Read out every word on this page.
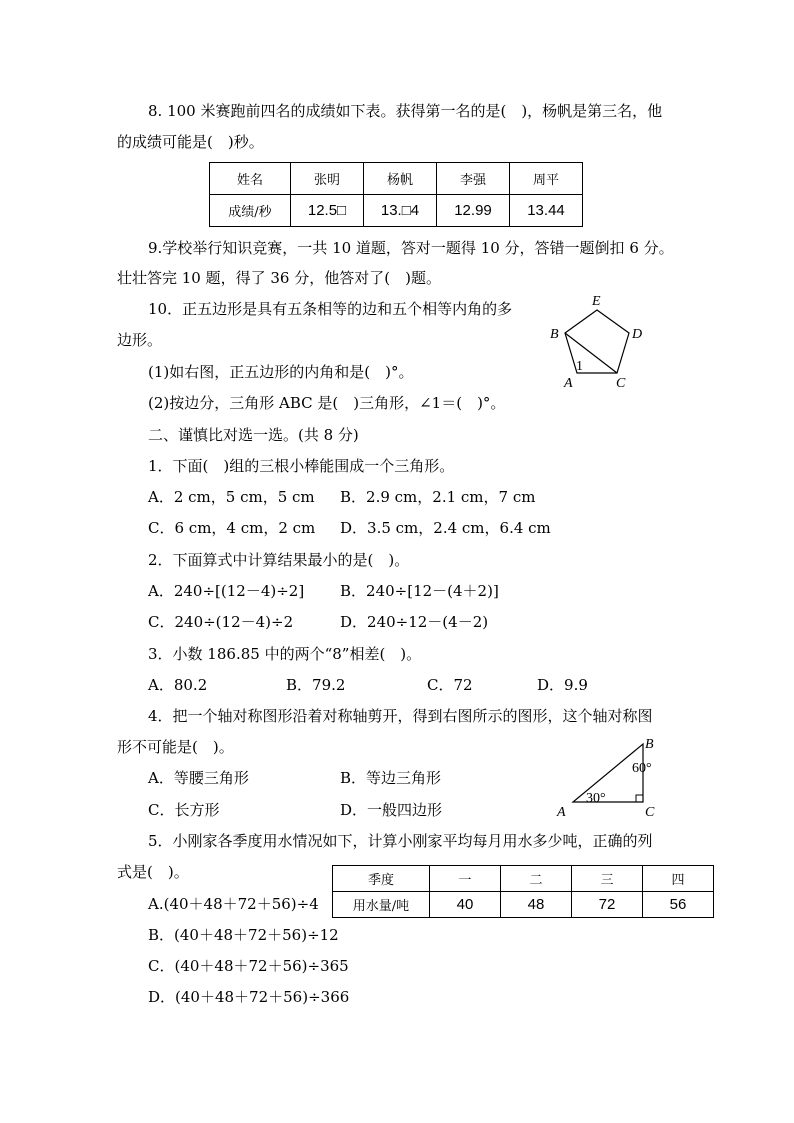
8. 100 米赛跑前四名的成绩如下表。获得第一名的是(　)，杨帆是第三名，他
的成绩可能是(　)秒。
姓名	张明	杨帆	李强	周平
成绩/秒	12.5□	13.□4	12.99	13.44
9.学校举行知识竞赛，一共 10 道题，答对一题得 10 分，答错一题倒扣 6 分。
壮壮答完 10 题，得了 36 分，他答对了(　)题。
10．正五边形是具有五条相等的边和五个相等内角的多
边形。
(1)如右图，正五边形的内角和是(　)°。
(2)按边分，三角形 ABC 是(　)三角形，∠1＝(　)°。
E
D
B
A	C
1
二、谨慎比对选一选。(共 8 分)
1．下面(　)组的三根小棒能围成一个三角形。
A．2 cm，5 cm，5 cm B．2.9 cm，2.1 cm，7 cm
C．6 cm，4 cm，2 cm D．3.5 cm，2.4 cm，6.4 cm
2．下面算式中计算结果最小的是(　)。
A．240÷[(12－4)÷2] B．240÷[12－(4＋2)]
C．240÷(12－4)÷2	D．240÷12－(4－2)
3．小数 186.85 中的两个“8”相差(　)。
A．80.2	B．79.2	C．72	D．9.9
4．把一个轴对称图形沿着对称轴剪开，得到右图所示的图形，这个轴对称图
形不可能是(　)。
A．等腰三角形	B．等边三角形
C．长方形	D．一般四边形
B
A	C
60°
30°
5．小刚家各季度用水情况如下，计算小刚家平均每月用水多少吨，正确的列
式是(　)。
A.(40＋48＋72＋56)÷4
B．(40＋48＋72＋56)÷12
C．(40＋48＋72＋56)÷365
D．(40＋48＋72＋56)÷366
季度	一	二	三	四
用水量/吨	40	48	72	56
